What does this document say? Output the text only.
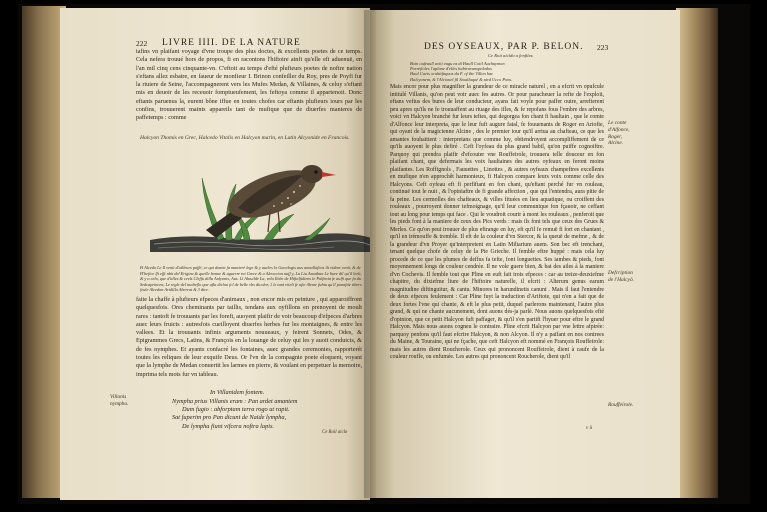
222 LIVRE IIII. DE LA NATURE

tafins vn plaifant voyage d'vne troupe des plus doctes, & excellents poetes de ce temps. Cela nefera trouué hors de propos, fi en racontons l'hiftoire ainfi qu'elle eft aduenuë, en l'an mil cinq cens cinquante-vn. C'eftoit au temps d'efté plufieurs poetes de noftre nation s'eftans allez esbatre, en faueur de monfieur I. Brinon confeiller du Roy, pres de Poyfi fur la riuiere de Seine, l'accompagnerent vers les Mufes Medan, & Villaines, & celuy s'eftant mis en deuoir de les receuoir fomptueufement, les feftoya comme il appartenoit. Donc eftants paruenus la, eurent bône iffue en toutes chofes car eftants plufieurs iours par les confins, trouuerent maints appareils tant de mufique que de diuerfes manieres de paffetemps : comme

Halcyon Thomis en Grec, Halcedo Vitalis en Halcyon marin, en Latin Alcyonide en Francois.
H Alcedo Le Il venit d'ailleurs paffé, ce qui domte fa manierè lege & y aucles lo Gaovlogis aus annallaficts ilt vident venit, & de H'hefice lft effi nbit del Erigine,& quelle bonne & aguerre tot Grece & a Aleoccion nuff y, La Liu Amathun Le liure dil qu'il leelt, & y a cela, que d'alles & ceels Cleffu dilla Aulyonis, Aus. Ll Aluuilde La, vela Ilebe de Hiftolfuliens le Palfenia fe aulfi que fa du Sedcaprincea, Le regle del inalteflo que ufla diclon fcl de belle vbs dicolor, 1 le tant vitelt fe ufte illeme fubia qu'il ponaftie tibers feule Alcedon Aridilla Aberrat & 3 dire.

faite la chaffe à plufieurs efpeces d'animaux , non encor mis en peinture , qui apparoiffront quelquesfois. Ores cheminants par taillis, tendans aux oyfillons en prenoyent de moult rares : tantoft fe trouuants par les foreft, auoyent plaifir de voir beaucoup d'efpeces d'arbres auec leurs fruicts : autresfois cueilloyent diuerfes herbes fur les montaignes, & entre les vallees. Et la trouuants infinis arguments nouueaux, y feirent Sonnets, Odes, & Epigrammes Grecs, Latins, & François en la louange de celuy qui les y auoit conduicts, & de fes nymphes. Et ayants confacré les fontaines, auec grandes ceremonies, rapporterét toutes les reliques de leur exquife Deus. Or l'vn de la compagnie poete eloquent, voyant que la lymphe de Medan conuertit les larmes en pierre, & voulant en perpetuer la memoire, imprima tels mots fur vn tableau.

Villanis nympha.
In Villanidem fontem.
Nympha prius Villanis eram : Pan ardet amantem
Dum fugio : abforptam terra rogo ut rapit.
Sat fuperim pro Pan dicunt de Naide lympha,
De lympha fiunt vifcera noftra lapis.
Ce Roil aiclo
DES OYSEAUX, PAR P. BELON. 223
Ce Roit aicldo a fenfilez.
Boin oufeaull aviti vagu ns di Haull Cotil Auchuymon
Porrefioles l'aplane d'elles habirarunopelados
Haul Caeis orabitfaquos du F. of the Villon hac
Halcyonem, & l'Alcionel fil Stoullaqué & aird Ucco Pons.

Mais encor pour plus magnifier la grandeur de ce miracle naturel , en a efcrit vn opufcule intitulé Villanis, qu'on peut voir auec fes autres. Or pour paracheuer la refte de l'exploit, eftans veftus des bures de leur conducteur, ayans fait voyle pour paffer outre, arrefterent peu apres qu'ils ne fe trouuaffent au riuage des ifles, & fe repofans fous l'vmbre des arbres, voici vn Halcyon branché fur leurs teftes, qui degorgea fon chant fi haultain , que le comte d'Alfonce leur interpreta, que le leur fuft augure fatal, fe fouuenants de Roger en Ariofte, qui oyant de la magicienne Alcine , des le premier iour qu'il arriua au chafteau, ce que les amantes fouhaittent : interpretans que comme luy, obtiendroyent accompliffement de ce qu'ils auoyent le plus defiré . Ceft l'oyfeau du plus grand babil, qu'on puiffe cognoiftre. Parquoy qui prendra plaifir d'efcouter vne Rouffeirole, trouuera telle douceur en fon plaifant chant, que defermais les voix haultaines des autres oyfeaux en feront moins plaifantes. Les Roffignols , Fauuettes , Linottes , & autres oyfeaux champeftres excellents en mufique n'en approchêt harmonieux, fi Halcyon compare leurs voix comme celle des Halcyons. Ceft oyfeau eft fi perfiftant en fon chant, qu'eftant perché fur vn rouleau, continuë tout le nuit , & l'opiniaftre de fi grande affection , que qui l'entendra, aura pitie de fa peine. Les cermolles des chafteaux, & villes fituées en lieu aquatique, ou croiffent des rouleaux , pourroyent donner tefmoignage, qu'il leur communique fon fçauoir, ne ceffant tout au long pour temps qui face . Qui le voudroit courir à mont les rouleaux , penferoit que les pieds font à la maniere de ceux des Pics verds : mais ils font tels que ceux des Grues & Merles. Ce qu'on peut trouuer de plus eftrange en luy, eft qu'il fe remuë fi fort en chantant , qu'il en trémouffe & tremble. Il eft de la couleur d'vn Stercor, & la queuë de mefme , & de la grandeur d'vn Proyer qu'interpretent en Latin Miliarium auem. Son bec eft trenchant, tenant quelque chofe de celuy de la Pie Grieche. Il femble eftre huppé : mais cela luy procede de ce que les plumes de deffus fa tefte, font longuettes. Ses iambes & pieds, font moyennement longs de couleur cendrée. Il ne vole guere bien, & bat des ailes à la maniere d'vn Cochevis. Il femble tout que Pline en euft fait trois efpeces : car au treize-deuxiefme chapitre, du dixiefme liure de l'hiftoire naturelle, il efcrit : Alterum genus earum magnitudine diftinguitur, & cantu. Minores in harundinetis canunt . Mais il faut l'entendre de deux efpeces feulement : Car Pline fuyt la traduction d'Ariftote, qui n'en a fait que de deux fortes l'vne qui chante, & eft le plus petit, duquel parlerons maintenant, l'autre plus grand, & qui ne chante aucunement, dont auons dés-ja parlé. Nous auons quelquesfois efté d'opinion, que ce petit Halcyon fuft paffager, & qu'il s'en partift l'hyuer pour eftre le grand Halcyon. Mais nous auons cogneu le contraire. Pline efcrit Halcyon par vne lettre afpirée: parquoy penfons qu'il faut efcrire Halcyon, & non Alcyon. Il n'y a païfant en nos contrees du Maine, & Touraine, qui ne fçache, que ceft Halcyon eft nommé en François Rouffeirole: mais les autres dient Roucherole. Ceux qui prononcent Rouffeirole, dient à caufe de la couleur rouffe, ou enfumée. Les autres qui prononcent Roucherole, dient qu'il

Le conte d'Alfonce, Roger, Alcine.
Defcription de l'Halcyô.
Rouffeirole.
v ii
